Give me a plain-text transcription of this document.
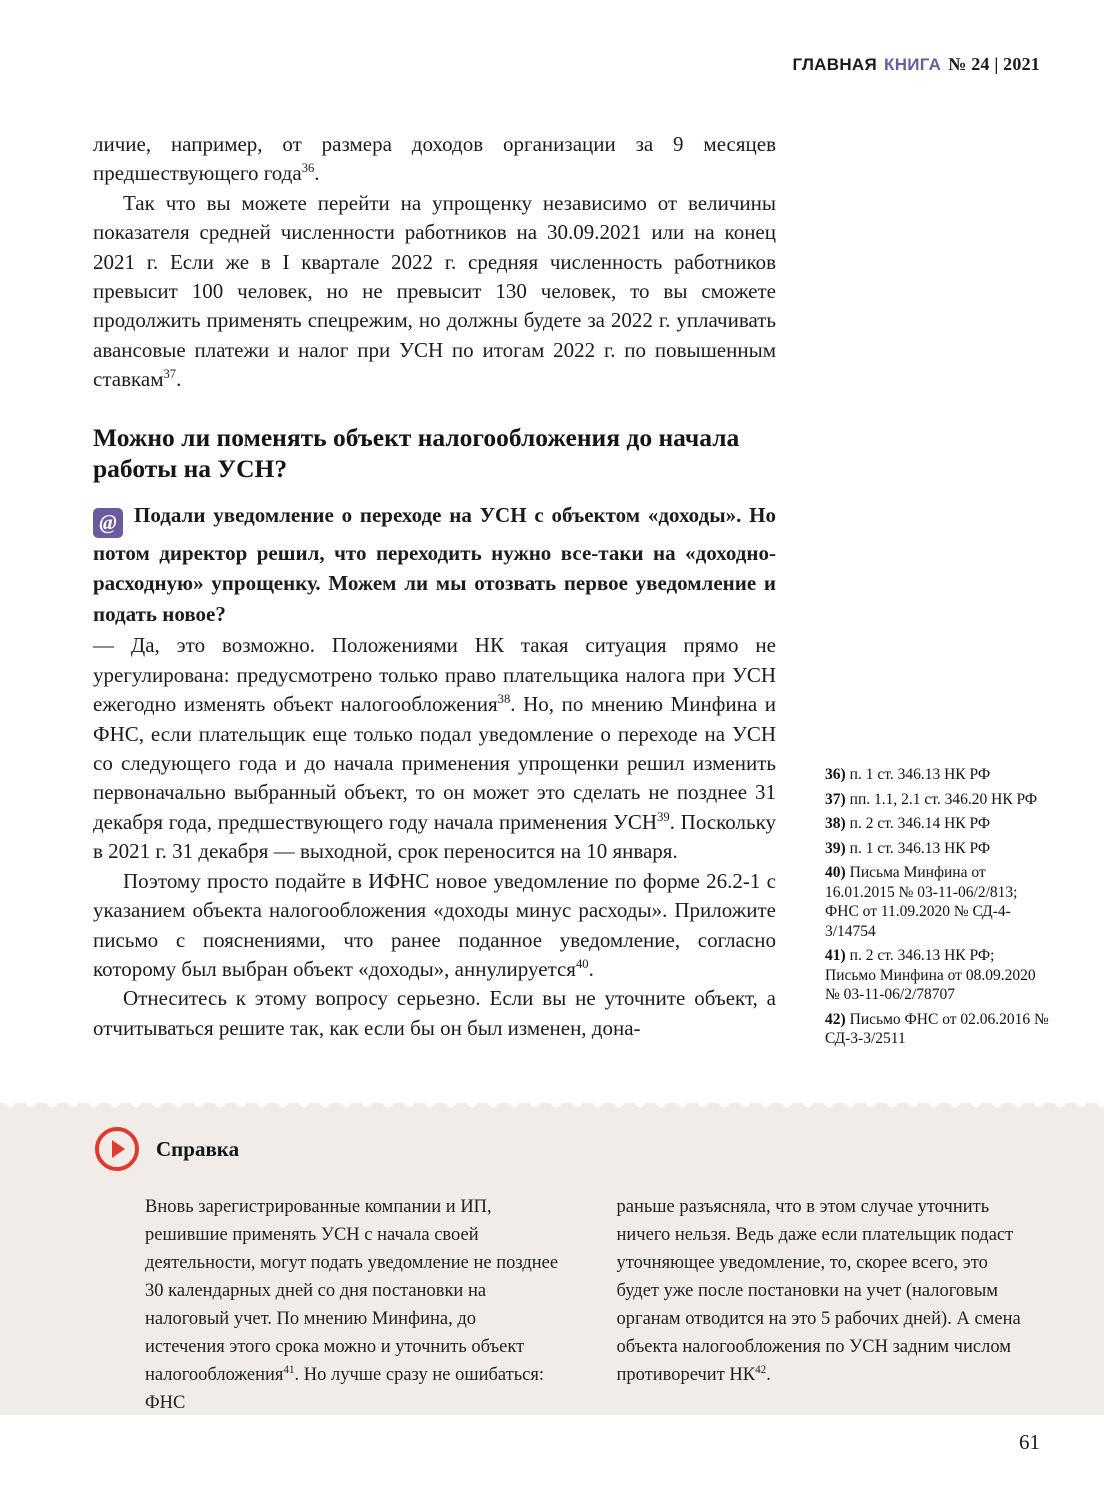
ГЛАВНАЯ КНИГА № 24 | 2021

личие, например, от размера доходов организации за 9 месяцев предшествующего года$^{36}$.

Так что вы можете перейти на упрощенку независимо от величины показателя средней численности работников на 30.09.2021 или на конец 2021 г. Если же в I квартале 2022 г. средняя численность работников превысит 100 человек, но не превысит 130 человек, то вы сможете продолжить применять спецрежим, но должны будете за 2022 г. уплачивать авансовые платежи и налог при УСН по итогам 2022 г. по повышенным ставкам$^{37}$.

Можно ли поменять объект налогообложения до начала работы на УСН?

@ Подали уведомление о переходе на УСН с объектом «доходы». Но потом директор решил, что переходить нужно все-таки на «доходно-расходную» упрощенку. Можем ли мы отозвать первое уведомление и подать новое?

— Да, это возможно. Положениями НК такая ситуация прямо не урегулирована: предусмотрено только право плательщика налога при УСН ежегодно изменять объект налогообложения$^{38}$. Но, по мнению Минфина и ФНС, если плательщик еще только подал уведомление о переходе на УСН со следующего года и до начала применения упрощенки решил изменить первоначально выбранный объект, то он может это сделать не позднее 31 декабря года, предшествующего году начала применения УСН$^{39}$. Поскольку в 2021 г. 31 декабря — выходной, срок переносится на 10 января.

Поэтому просто подайте в ИФНС новое уведомление по форме 26.2-1 с указанием объекта налогообложения «доходы минус расходы». Приложите письмо с пояснениями, что ранее поданное уведомление, согласно которому был выбран объект «доходы», аннулируется$^{40}$.

Отнеситесь к этому вопросу серьезно. Если вы не уточните объект, а отчитываться решите так, как если бы он был изменен, дона-

36) п. 1 ст. 346.13 НК РФ

37) пп. 1.1, 2.1 ст. 346.20 НК РФ

38) п. 2 ст. 346.14 НК РФ

39) п. 1 ст. 346.13 НК РФ

40) Письма Минфина от 16.01.2015 № 03-11-06/2/813; ФНС от 11.09.2020 № СД-4-3/14754

41) п. 2 ст. 346.13 НК РФ; Письмо Минфина от 08.09.2020 № 03-11-06/2/78707

42) Письмо ФНС от 02.06.2016 № СД-3-3/2511

Справка

Вновь зарегистрированные компании и ИП, решившие применять УСН с начала своей деятельности, могут подать уведомление не позднее 30 календарных дней со дня постановки на налоговый учет. По мнению Минфина, до истечения этого срока можно и уточнить объект налогообложения$^{41}$. Но лучше сразу не ошибаться: ФНС

раньше разъясняла, что в этом случае уточнить ничего нельзя. Ведь даже если плательщик подаст уточняющее уведомление, то, скорее всего, это будет уже после постановки на учет (налоговым органам отводится на это 5 рабочих дней). А смена объекта налогообложения по УСН задним числом противоречит НК$^{42}$.

61
